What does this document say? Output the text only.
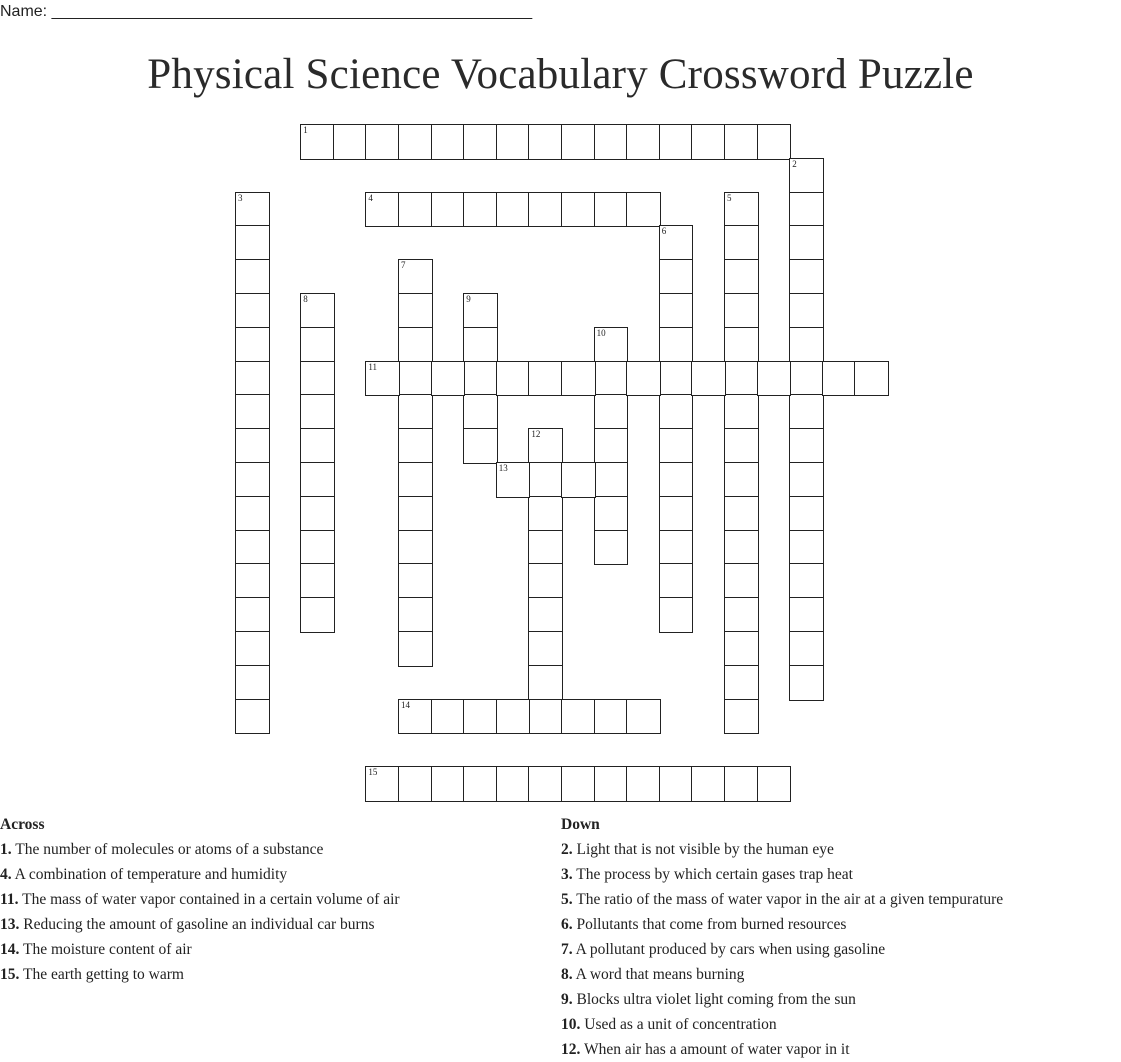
Name: ______________________________________________________
Physical Science Vocabulary Crossword Puzzle
1
2
3	4	5
6
7
8	9
10
11
12
13
14
15
Across
1. The number of molecules or atoms of a substance
4. A combination of temperature and humidity
11. The mass of water vapor contained in a certain volume of air
13. Reducing the amount of gasoline an individual car burns
14. The moisture content of air
15. The earth getting to warm
Down
2. Light that is not visible by the human eye
3. The process by which certain gases trap heat
5. The ratio of the mass of water vapor in the air at a given tempurature
6. Pollutants that come from burned resources
7. A pollutant produced by cars when using gasoline
8. A word that means burning
9. Blocks ultra violet light coming from the sun
10. Used as a unit of concentration
12. When air has a amount of water vapor in it
